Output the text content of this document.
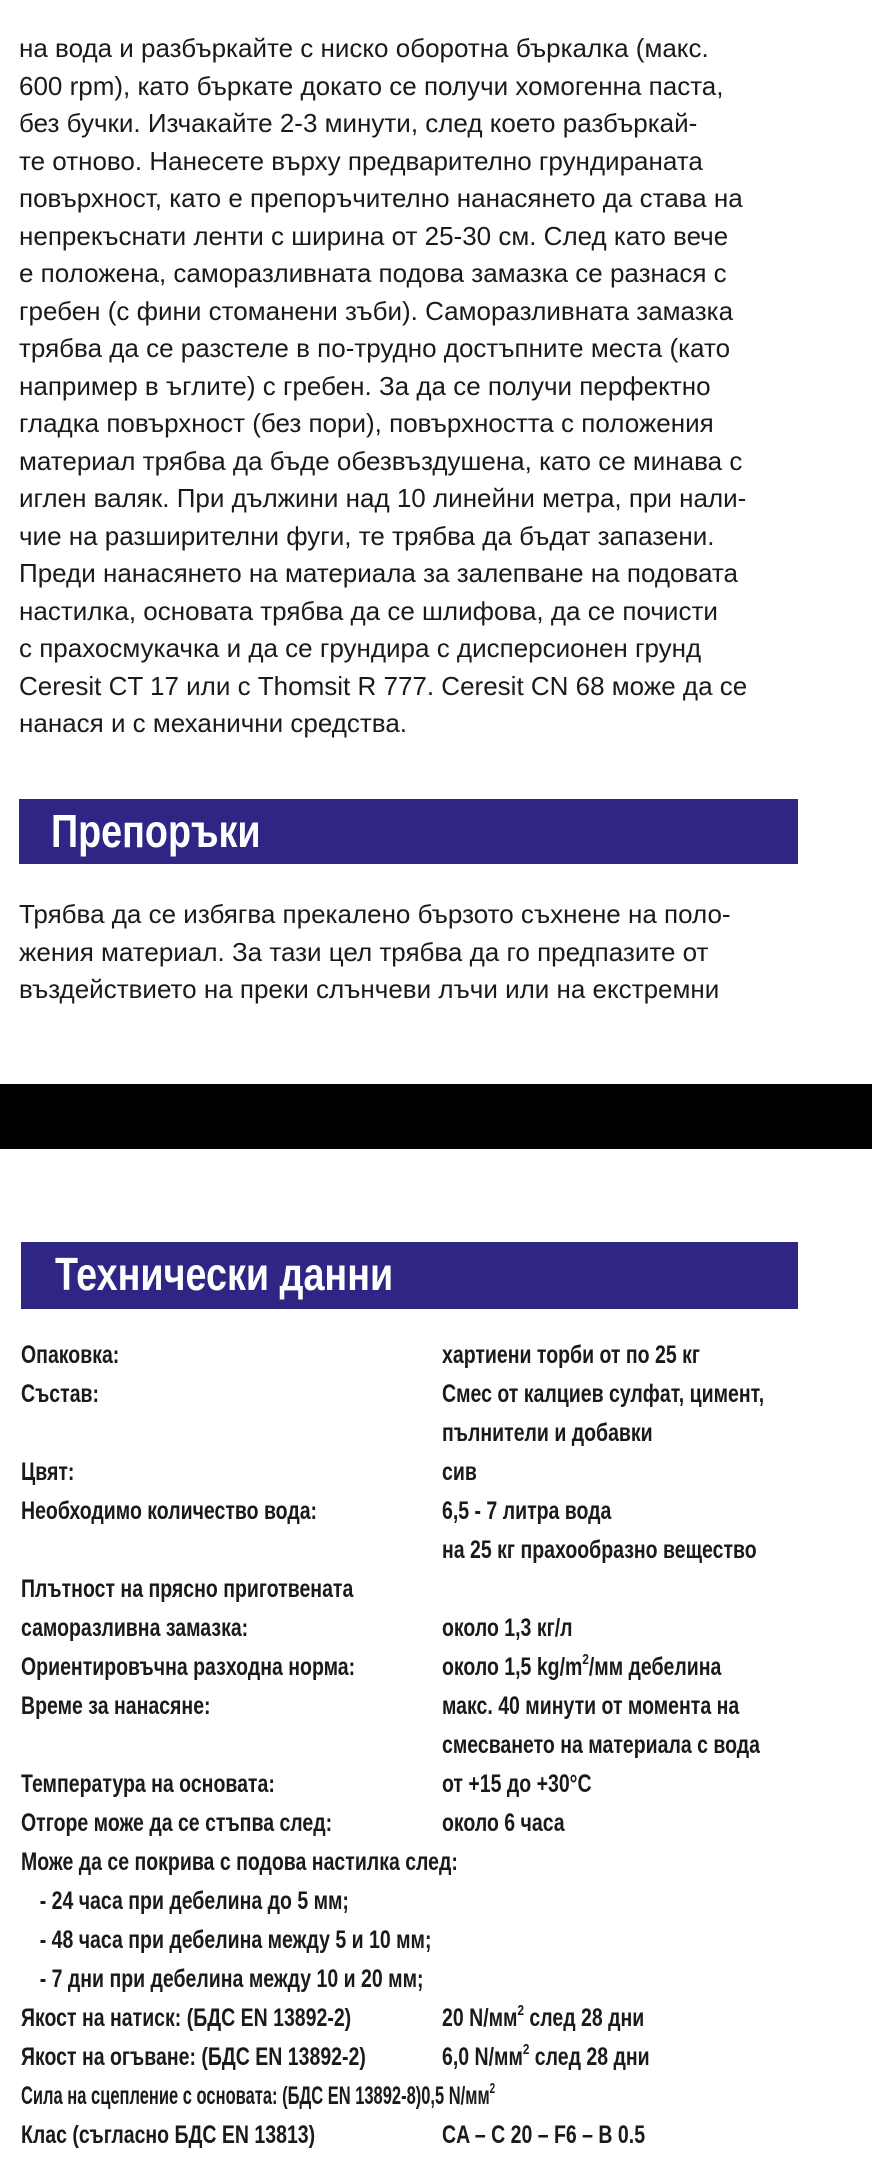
на вода и разбъркайте с ниско оборотна бъркалка (макс.
600 rpm), като бъркате докато се получи хомогенна паста,
без бучки. Изчакайте 2-3 минути, след което разбъркай-
те отново. Нанесете върху предварително грундираната
повърхност, като е препоръчително нанасянето да става на
непрекъснати ленти с ширина от 25-30 см. След като вече
е положена, саморазливната подова замазка се разнася с
гребен (с фини стоманени зъби). Саморазливната замазка
трябва да се разстеле в по-трудно достъпните места (като
например в ъглите) с гребен. За да се получи перфектно
гладка повърхност (без пори), повърхността с положения
материал трябва да бъде обезвъздушена, като се минава с
иглен валяк. При дължини над 10 линейни метра, при нали-
чие на разширителни фуги, те трябва да бъдат запазени.
Преди нанасянето на материала за залепване на подовата
настилка, основата трябва да се шлифова, да се почисти
с прахосмукачка и да се грундира с дисперсионен грунд
Ceresit CT 17 или с Thomsit R 777. Ceresit CN 68 може да се
нанася и с механични средства.
Препоръки
Трябва да се избягва прекалено бързото съхнене на поло-
жения материал. За тази цел трябва да го предпазите от
въздействието на преки слънчеви лъчи или на екстремни
Технически данни
Опаковка:	хартиени торби от по 25 кг
Състав:	Смес от калциев сулфат, цимент,
пълнители и добавки
Цвят:	сив
Необходимо количество вода:	6,5 - 7 литра вода
на 25 кг прахообразно вещество
Плътност на прясно приготвената
саморазливна замазка:
	около 1,3 кг/л
Ориентировъчна разходна норма:	около 1,5 $kg/m^2/мм$ дебелина
Време за нанасяне:	макс. 40 минути от момента на
смесването на материала с вода
Температура на основата:	от +15 до +30°C
Отгоре може да се стъпва след:	около 6 часа
Може да се покрива с подова настилка след:
- 24 часа при дебелина до 5 мм;
- 48 часа при дебелина между 5 и 10 мм;
- 7 дни при дебелина между 10 и 20 мм;
Якост на натиск: (БДС EN 13892-2)	20 $N/мм^2$ след 28 дни
Якост на огъване: (БДС EN 13892-2)	6,0 $N/мм^2$ след 28 дни
Сила на сцепление с основата: (БДС EN 13892-8)0,5 $N/мм^2$
Клас (съгласно БДС EN 13813)	CA – C 20 – F6 – B 0.5
